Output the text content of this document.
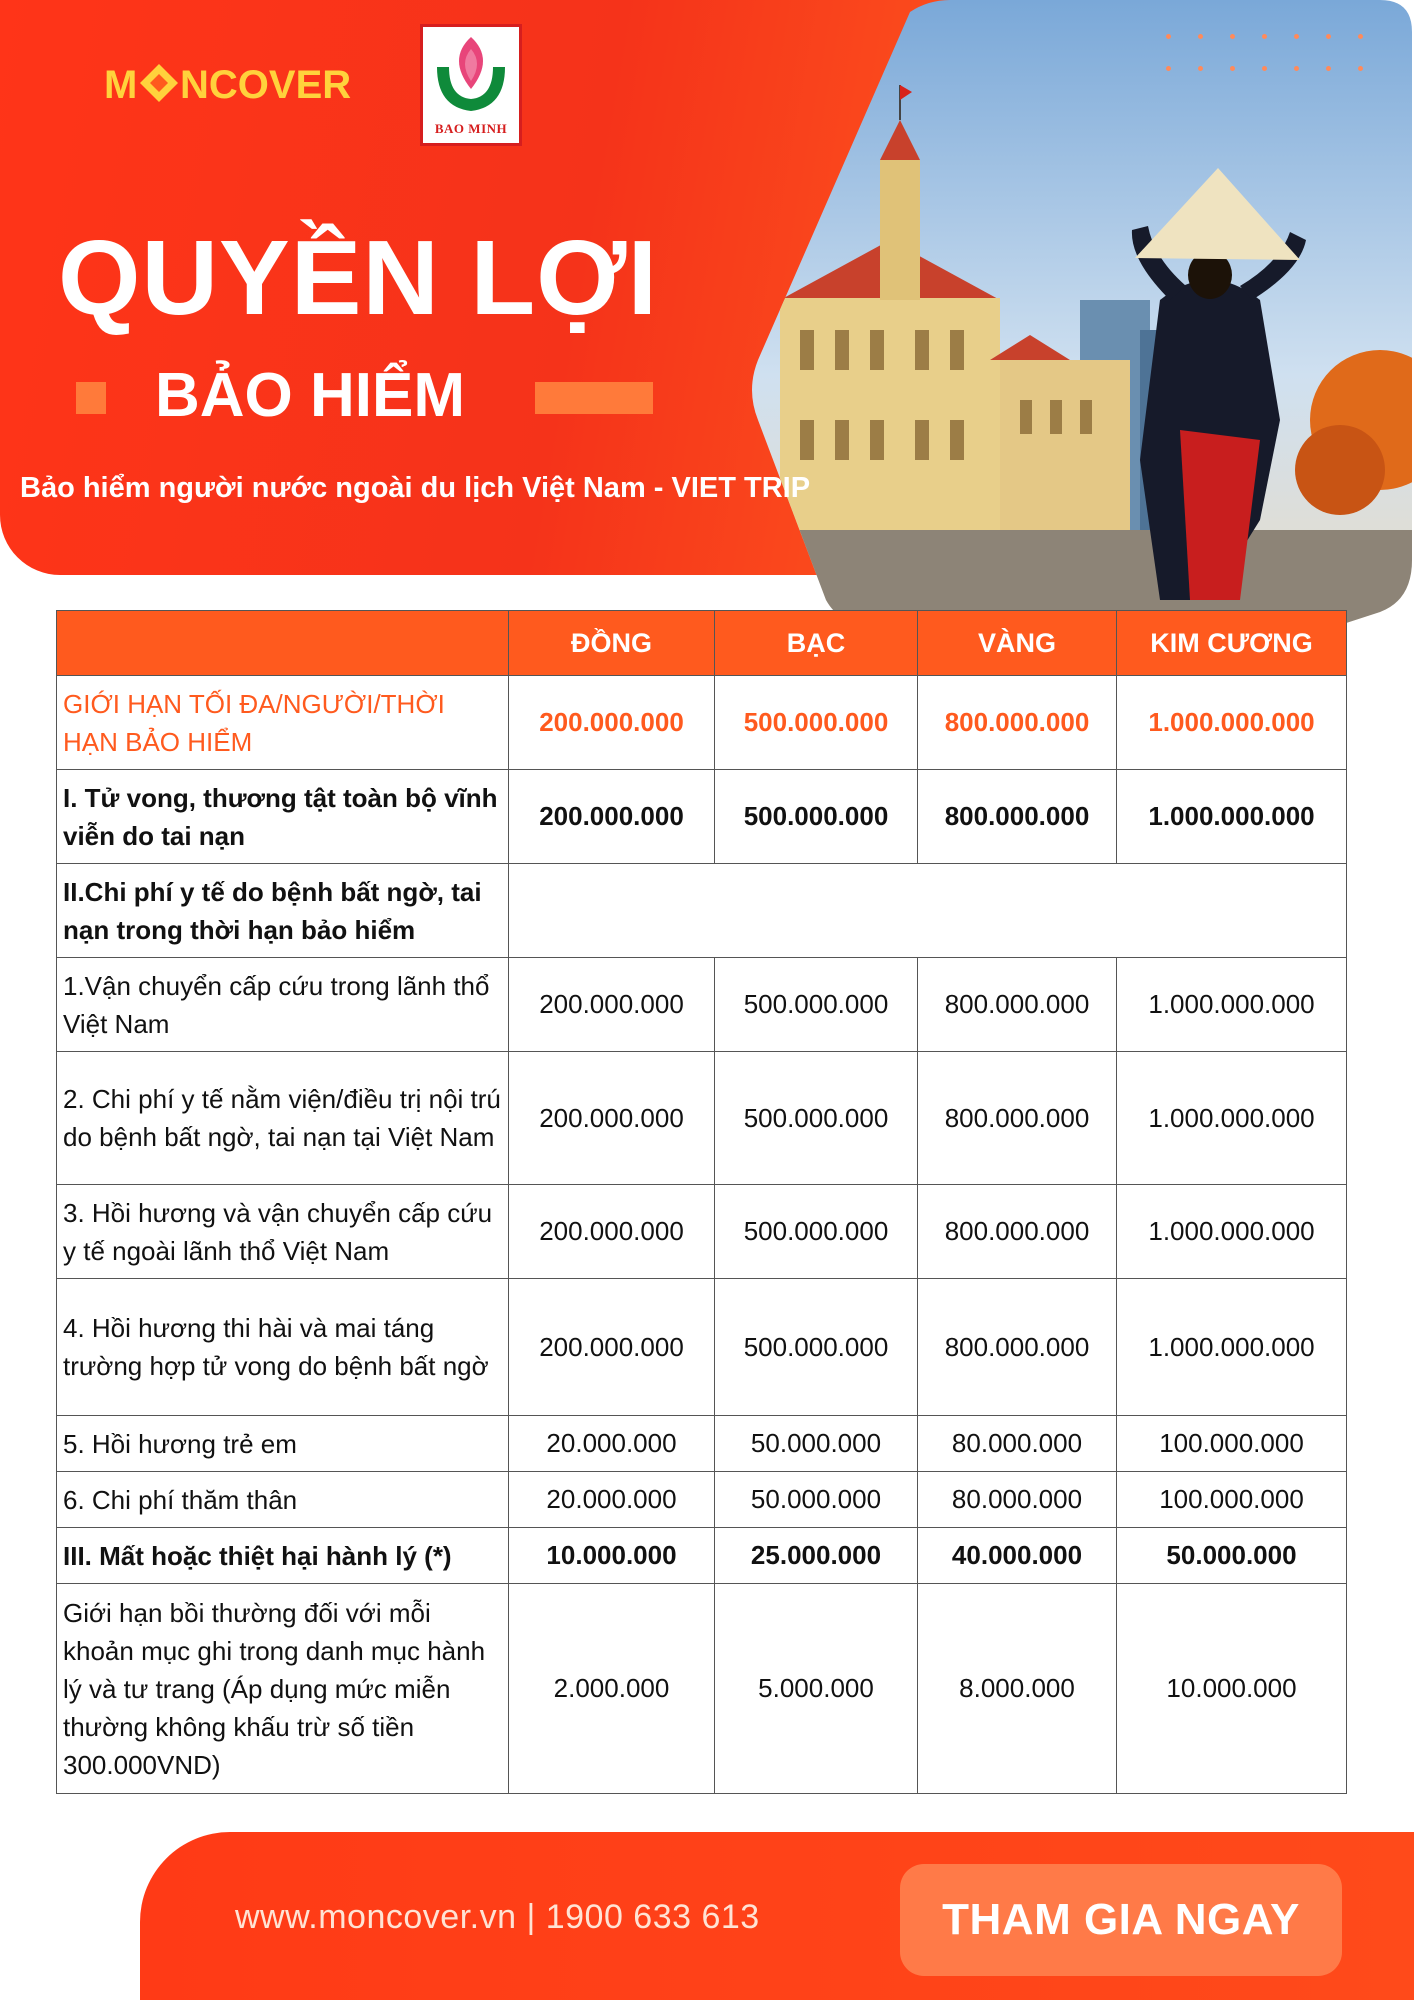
M NCOVER
BAO MINH
QUYỀN LỢI
BẢO HIỂM
Bảo hiểm người nước ngoài du lịch Việt Nam - VIET TRIP
	ĐỒNG	BẠC	VÀNG	KIM CƯƠNG
GIỚI HẠN TỐI ĐA/NGƯỜI/THỜI HẠN BẢO HIỂM	200.000.000	500.000.000	800.000.000	1.000.000.000
I. Tử vong, thương tật toàn bộ vĩnh viễn do tai nạn	200.000.000	500.000.000	800.000.000	1.000.000.000
II.Chi phí y tế do bệnh bất ngờ, tai nạn trong thời hạn bảo hiểm				
1.Vận chuyển cấp cứu trong lãnh thổ Việt Nam	200.000.000	500.000.000	800.000.000	1.000.000.000
2. Chi phí y tế nằm viện/điều trị nội trú do bệnh bất ngờ, tai nạn tại Việt Nam	200.000.000	500.000.000	800.000.000	1.000.000.000
3. Hồi hương và vận chuyển cấp cứu y tế ngoài lãnh thổ Việt Nam	200.000.000	500.000.000	800.000.000	1.000.000.000
4. Hồi hương thi hài và mai táng trường hợp tử vong do bệnh bất ngờ	200.000.000	500.000.000	800.000.000	1.000.000.000
5. Hồi hương trẻ em	20.000.000	50.000.000	80.000.000	100.000.000
6. Chi phí thăm thân	20.000.000	50.000.000	80.000.000	100.000.000
III. Mất hoặc thiệt hại hành lý (*)	10.000.000	25.000.000	40.000.000	50.000.000
Giới hạn bồi thường đối với mỗi khoản mục ghi trong danh mục hành lý và tư trang (Áp dụng mức miễn thường không khấu trừ số tiền 300.000VND)	2.000.000	5.000.000	8.000.000	10.000.000
www.moncover.vn | 1900 633 613	THAM GIA NGAY
